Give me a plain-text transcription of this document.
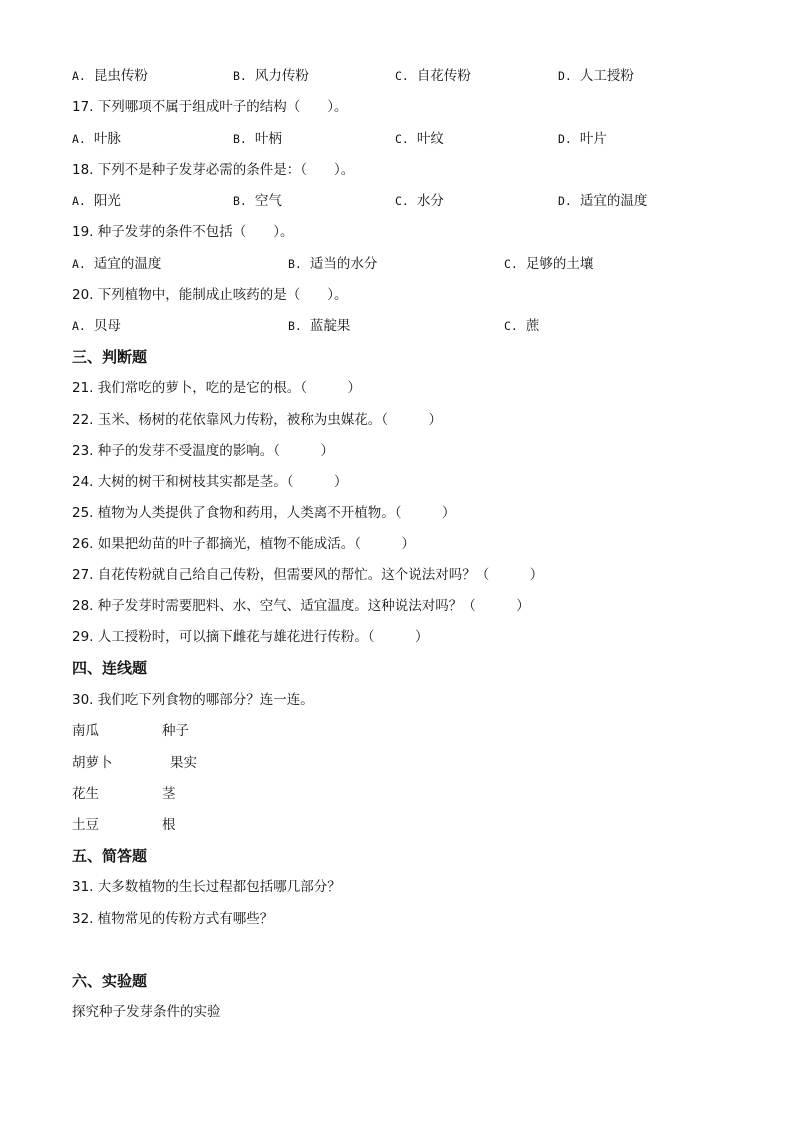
A. 昆虫传粉	B. 风力传粉	C. 自花传粉	D. 人工授粉
17. 下列哪项不属于组成叶子的结构（　　）。
A. 叶脉	B. 叶柄	C. 叶纹	D. 叶片
18. 下列不是种子发芽必需的条件是：（　　）。
A. 阳光	B. 空气	C. 水分	D. 适宜的温度
19. 种子发芽的条件不包括（　　）。
A. 适宜的温度	B. 适当的水分	C. 足够的土壤
20. 下列植物中，能制成止咳药的是（　　）。
A. 贝母	B. 蓝靛果	C. 蔗
三、判断题
21. 我们常吃的萝卜，吃的是它的根。（　　　）
22. 玉米、杨树的花依靠风力传粉，被称为虫媒花。（　　　）
23. 种子的发芽不受温度的影响。（　　　）
24. 大树的树干和树枝其实都是茎。（　　　）
25. 植物为人类提供了食物和药用，人类离不开植物。（　　　）
26. 如果把幼苗的叶子都摘光，植物不能成活。（　　　）
27. 自花传粉就自己给自己传粉，但需要风的帮忙。这个说法对吗？（　　　）
28. 种子发芽时需要肥料、水、空气、适宜温度。这种说法对吗？（　　　）
29. 人工授粉时，可以摘下雌花与雄花进行传粉。（　　　）
四、连线题
30. 我们吃下列食物的哪部分？连一连。
南瓜	种子
胡萝卜	果实
花生	茎
土豆	根
五、简答题
31. 大多数植物的生长过程都包括哪几部分？
32. 植物常见的传粉方式有哪些？
六、实验题
探究种子发芽条件的实验
